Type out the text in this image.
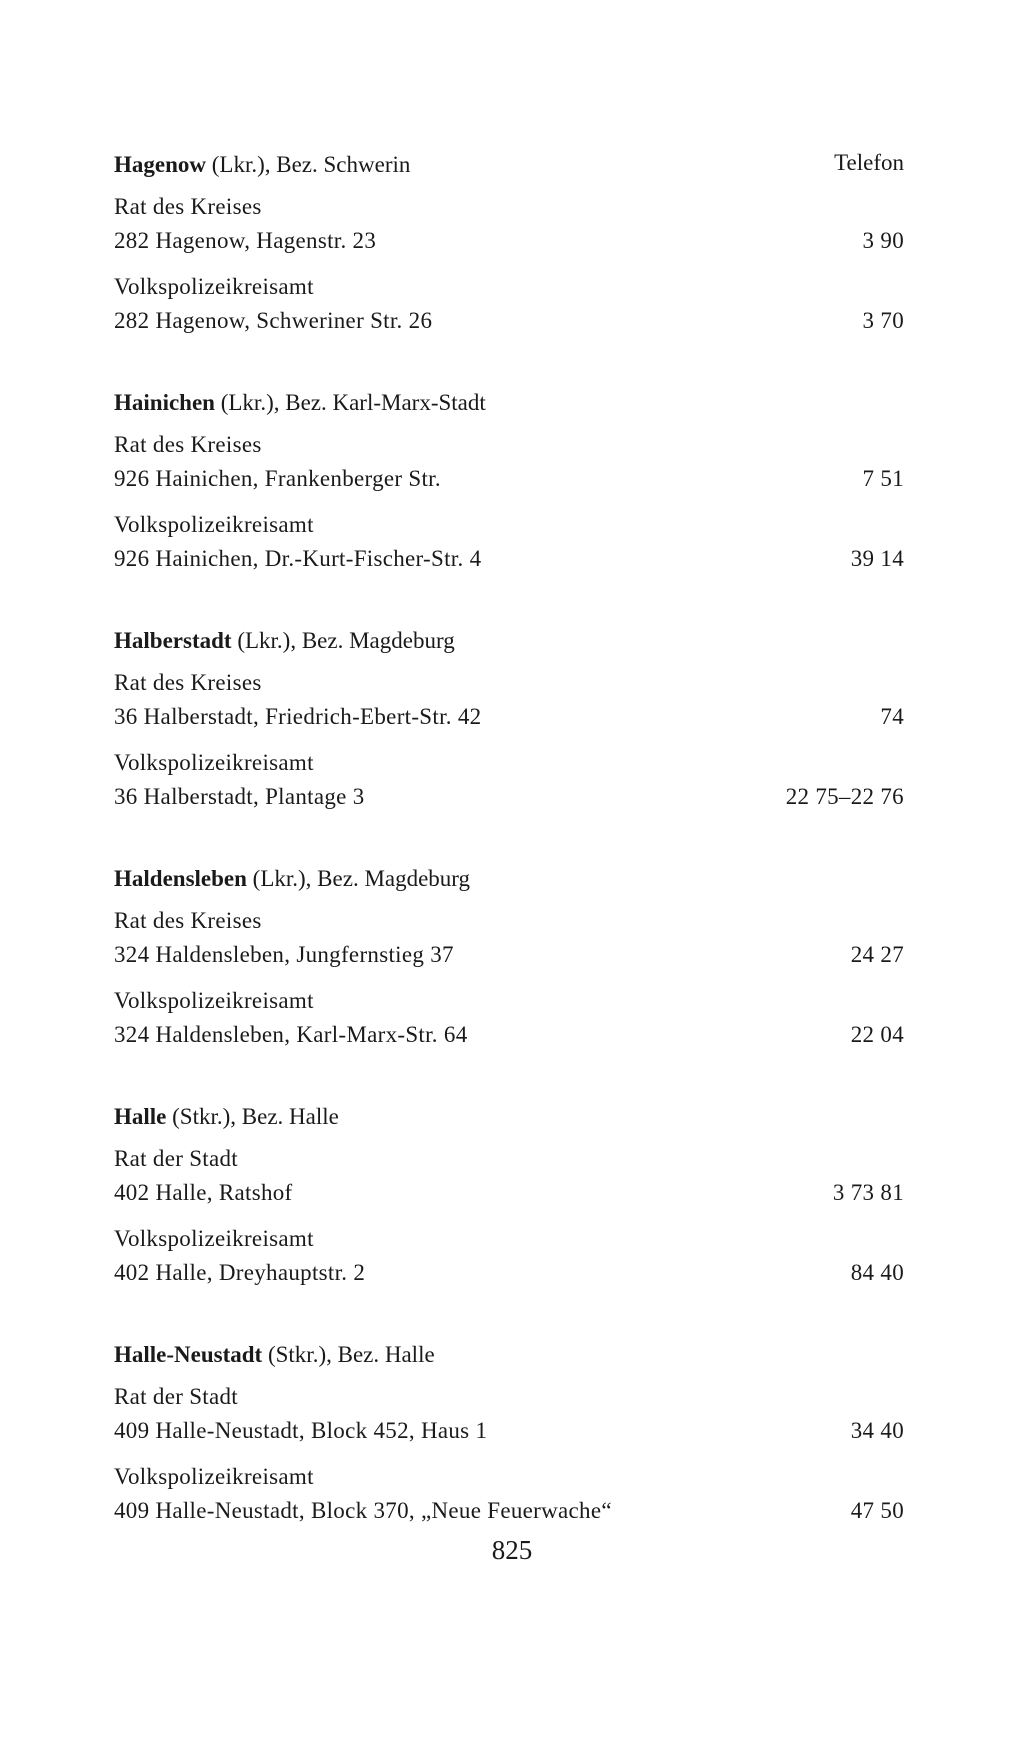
Telefon
Hagenow (Lkr.), Bez. Schwerin
Rat des Kreises
282 Hagenow, Hagenstr. 23	3 90
Volkspolizeikreisamt
282 Hagenow, Schweriner Str. 26	3 70
Hainichen (Lkr.), Bez. Karl-Marx-Stadt
Rat des Kreises
926 Hainichen, Frankenberger Str.	7 51
Volkspolizeikreisamt
926 Hainichen, Dr.-Kurt-Fischer-Str. 4	39 14
Halberstadt (Lkr.), Bez. Magdeburg
Rat des Kreises
36 Halberstadt, Friedrich-Ebert-Str. 42	74
Volkspolizeikreisamt
36 Halberstadt, Plantage 3	22 75–22 76
Haldensleben (Lkr.), Bez. Magdeburg
Rat des Kreises
324 Haldensleben, Jungfernstieg 37	24 27
Volkspolizeikreisamt
324 Haldensleben, Karl-Marx-Str. 64	22 04
Halle (Stkr.), Bez. Halle
Rat der Stadt
402 Halle, Ratshof	3 73 81
Volkspolizeikreisamt
402 Halle, Dreyhauptstr. 2	84 40
Halle-Neustadt (Stkr.), Bez. Halle
Rat der Stadt
409 Halle-Neustadt, Block 452, Haus 1	34 40
Volkspolizeikreisamt
409 Halle-Neustadt, Block 370, „Neue Feuerwache“	47 50
825
